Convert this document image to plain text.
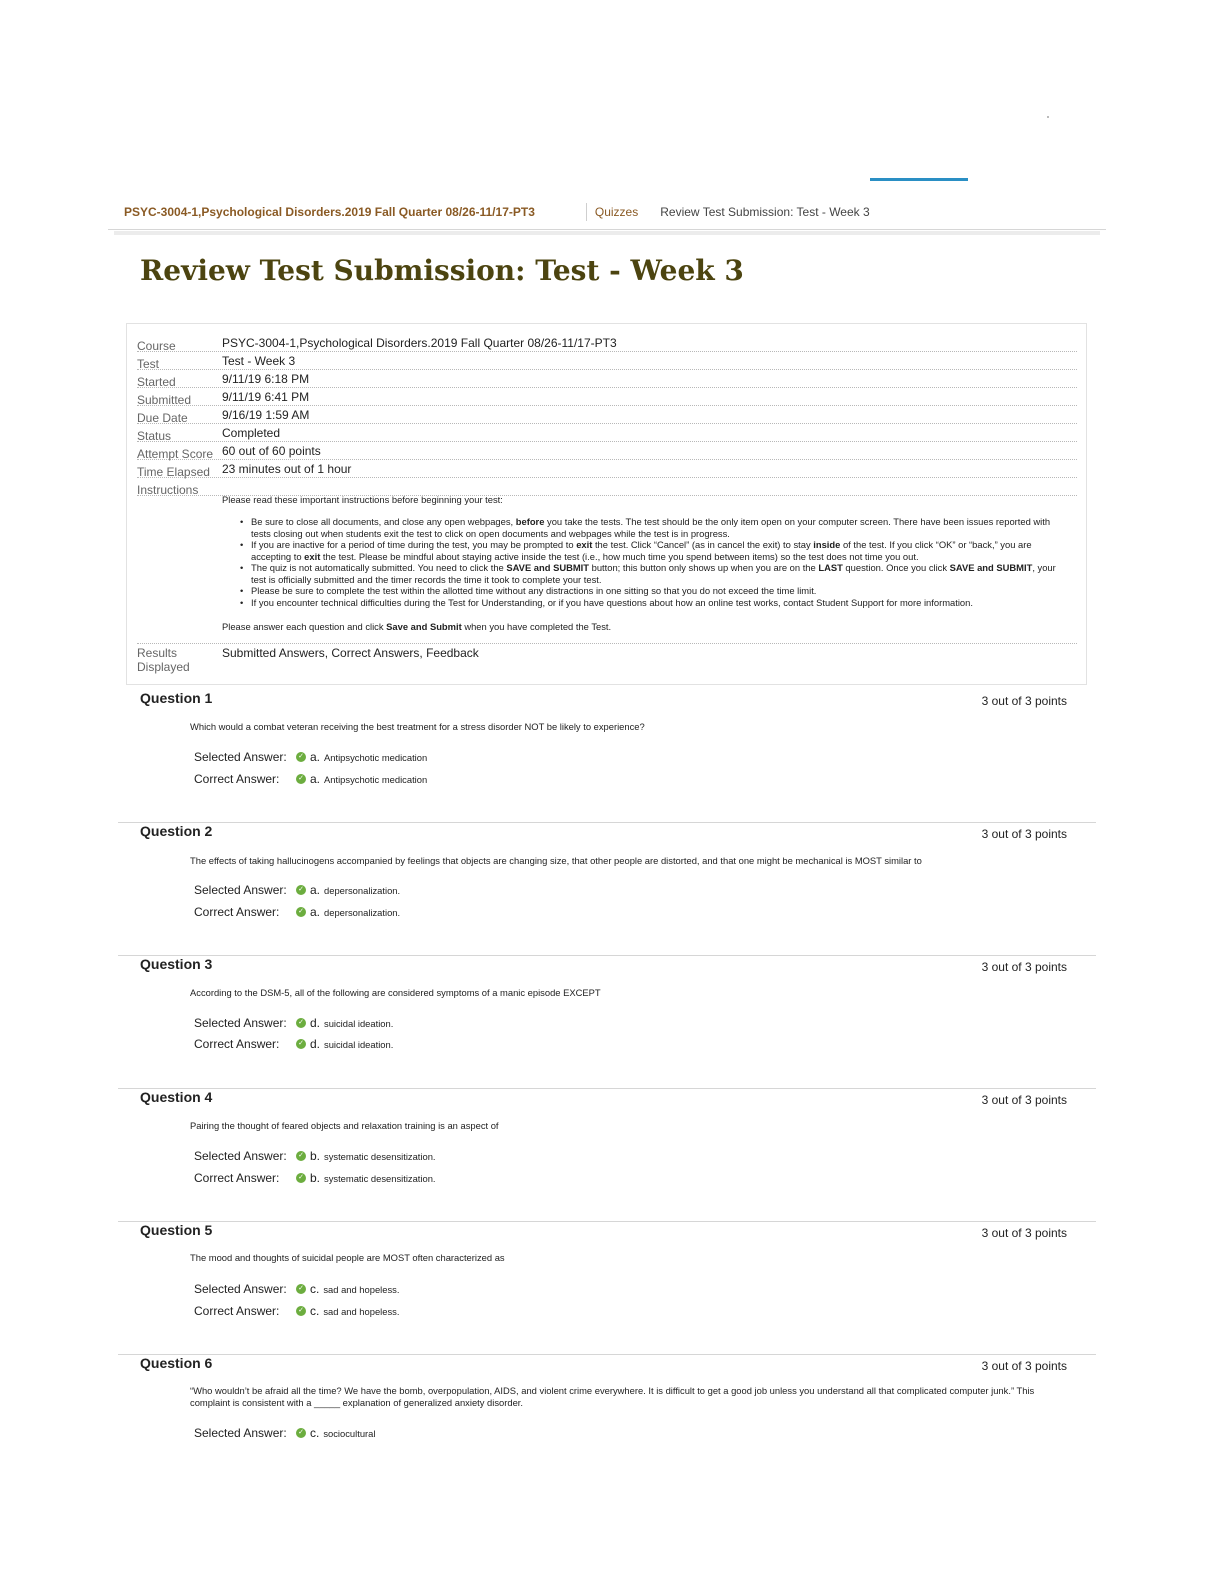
PSYC-3004-1,Psychological Disorders.2019 Fall Quarter 08/26-11/17-PT3	Quizzes Review Test Submission: Test - Week 3
Review Test Submission: Test - Week 3
Course	PSYC-3004-1,Psychological Disorders.2019 Fall Quarter 08/26-11/17-PT3
Test	Test - Week 3
Started	9/11/19 6:18 PM
Submitted	9/11/19 6:41 PM
Due Date	9/16/19 1:59 AM
Status	Completed
Attempt Score 60 out of 60 points
Time Elapsed 23 minutes out of 1 hour
Instructions
Please read these important instructions before beginning your test:
• Be sure to close all documents, and close any open webpages, before you take the tests. The test should be the only item open on your computer screen. There have been issues reported with tests closing out when students exit the test to click on open documents and webpages while the test is in progress.
• If you are inactive for a period of time during the test, you may be prompted to exit the test. Click “Cancel” (as in cancel the exit) to stay inside of the test. If you click “OK” or “back,” you are accepting to exit the test. Please be mindful about staying active inside the test (i.e., how much time you spend between items) so the test does not time you out.
• The quiz is not automatically submitted. You need to click the SAVE and SUBMIT button; this button only shows up when you are on the LAST question. Once you click SAVE and SUBMIT, your test is officially submitted and the timer records the time it took to complete your test.
• Please be sure to complete the test within the allotted time without any distractions in one sitting so that you do not exceed the time limit.
• If you encounter technical difficulties during the Test for Understanding, or if you have questions about how an online test works, contact Student Support for more information.
Please answer each question and click Save and Submit when you have completed the Test.
Results
Displayed
Submitted Answers, Correct Answers, Feedback
Question 1	3 out of 3 points
Which would a combat veteran receiving the best treatment for a stress disorder NOT be likely to experience?
Selected Answer:	✓ a. Antipsychotic medication
Correct Answer:	✓ a. Antipsychotic medication
Question 2	3 out of 3 points
The effects of taking hallucinogens accompanied by feelings that objects are changing size, that other people are distorted, and that one might be mechanical is MOST similar to
Selected Answer:	✓ a. depersonalization.
Correct Answer:	✓ a. depersonalization.
Question 3	3 out of 3 points
According to the DSM-5, all of the following are considered symptoms of a manic episode EXCEPT
Selected Answer:	✓ d. suicidal ideation.
Correct Answer:	✓ d. suicidal ideation.
Question 4	3 out of 3 points
Pairing the thought of feared objects and relaxation training is an aspect of
Selected Answer:	✓ b. systematic desensitization.
Correct Answer:	✓ b. systematic desensitization.
Question 5	3 out of 3 points
The mood and thoughts of suicidal people are MOST often characterized as
Selected Answer:	✓ c. sad and hopeless.
Correct Answer:	✓ c. sad and hopeless.
Question 6	3 out of 3 points
“Who wouldn’t be afraid all the time? We have the bomb, overpopulation, AIDS, and violent crime everywhere. It is difficult to get a good job unless you understand all that complicated computer junk.” This complaint is consistent with a _____ explanation of generalized anxiety disorder.
Selected Answer:	✓ c. sociocultural
